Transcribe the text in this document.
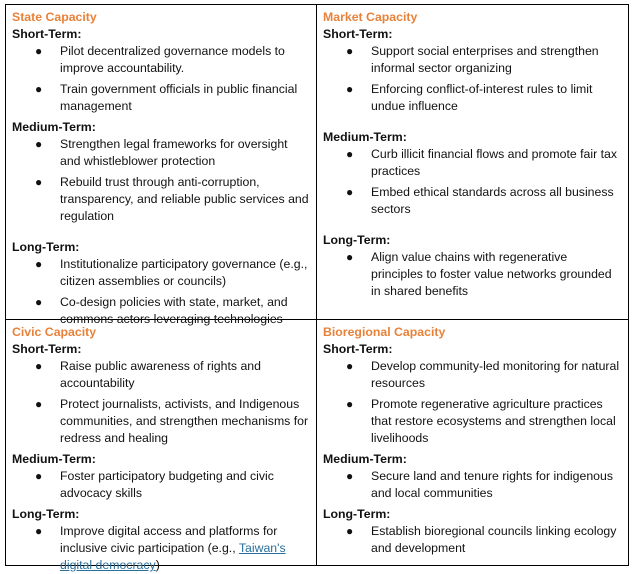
State Capacity
Short-Term:
● Pilot decentralized governance models to improve accountability.
● Train government officials in public financial management
Medium-Term:
● Strengthen legal frameworks for oversight and whistleblower protection
● Rebuild trust through anti-corruption, transparency, and reliable public services and regulation
Long-Term:
● Institutionalize participatory governance (e.g., citizen assemblies or councils)
● Co-design policies with state, market, and commons actors leveraging technologies
Market Capacity
Short-Term:
● Support social enterprises and strengthen informal sector organizing
● Enforcing conflict-of-interest rules to limit undue influence
Medium-Term:
● Curb illicit financial flows and promote fair tax practices
● Embed ethical standards across all business sectors
Long-Term:
● Align value chains with regenerative principles to foster value networks grounded in shared benefits
Civic Capacity
Short-Term:
● Raise public awareness of rights and accountability
● Protect journalists, activists, and Indigenous communities, and strengthen mechanisms for redress and healing
Medium-Term:
● Foster participatory budgeting and civic advocacy skills
Long-Term:
● Improve digital access and platforms for inclusive civic participation (e.g., Taiwan's digital democracy)
Bioregional Capacity
Short-Term:
● Develop community-led monitoring for natural resources
● Promote regenerative agriculture practices that restore ecosystems and strengthen local livelihoods
Medium-Term:
● Secure land and tenure rights for indigenous and local communities
Long-Term:
● Establish bioregional councils linking ecology and development
